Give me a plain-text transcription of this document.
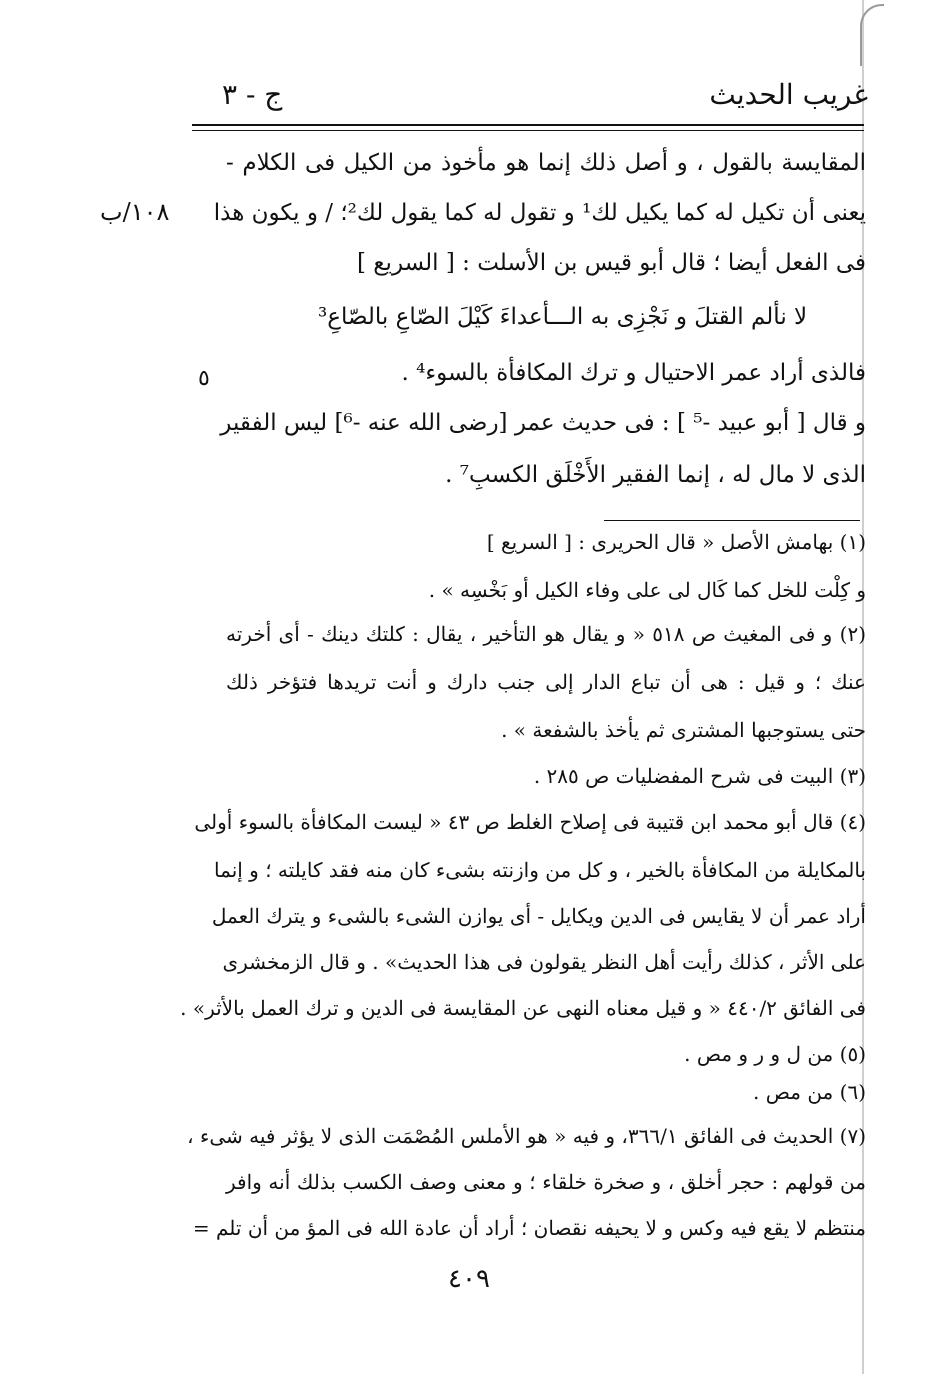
غريب الحديث
ج - ٣
١٠٨/ب
٥
المقايسة بالقول ، و أصل ذلك إنما هو مأخوذ من الكيل فى الكلام -
يعنى أن تكيل له كما يكيل لك¹ و تقول له كما يقول لك²؛ / و يكون هذا
فى الفعل أيضا ؛ قال أبو قيس بن الأسلت : [ السريع ]
لا نألم القتلَ و نَجْزِى به الـــأعداءَ كَيْلَ الصّاعِ بالصّاعِ³
فالذى أراد عمر الاحتيال و ترك المكافأة بالسوء⁴ .
و قال [ أبو عبيد -⁵ ] : فى حديث عمر [رضى الله عنه -⁶] ليس الفقير
الذى لا مال له ، إنما الفقير الأَخْلَق الكسبِ⁷ .
(١) بهامش الأصل « قال الحريرى : [ السريع ]
و كِلْت للخل كما كَال لى على وفاء الكيل أو بَخْسِه » .
(٢) و فى المغيث ص ٥١٨ « و يقال هو التأخير ، يقال : كلتك دينك - أى أخرته
عنك ؛ و قيل : هى أن تباع الدار إلى جنب دارك و أنت تريدها فتؤخر ذلك
حتى يستوجبها المشترى ثم يأخذ بالشفعة » .
(٣) البيت فى شرح المفضليات ص ٢٨٥ .
(٤) قال أبو محمد ابن قتيبة فى إصلاح الغلط ص ٤٣ « ليست المكافأة بالسوء أولى
بالمكايلة من المكافأة بالخير ، و كل من وازنته بشىء كان منه فقد كايلته ؛ و إنما
أراد عمر أن لا يقايس فى الدين ويكايل - أى يوازن الشىء بالشىء و يترك العمل
على الأثر ، كذلك رأيت أهل النظر يقولون فى هذا الحديث» . و قال الزمخشرى
فى الفائق ٤٤٠/٢ « و قيل معناه النهى عن المقايسة فى الدين و ترك العمل بالأثر» .
(٥) من ل و ر و مص .
(٦) من مص .
(٧) الحديث فى الفائق ٣٦٦/١، و فيه « هو الأملس المُصْمَت الذى لا يؤثر فيه شىء ،
من قولهم : حجر أخلق ، و صخرة خلقاء ؛ و معنى وصف الكسب بذلك أنه وافر
منتظم لا يقع فيه وكس و لا يحيفه نقصان ؛ أراد أن عادة الله فى المؤ من أن تلم =
٤٠٩
